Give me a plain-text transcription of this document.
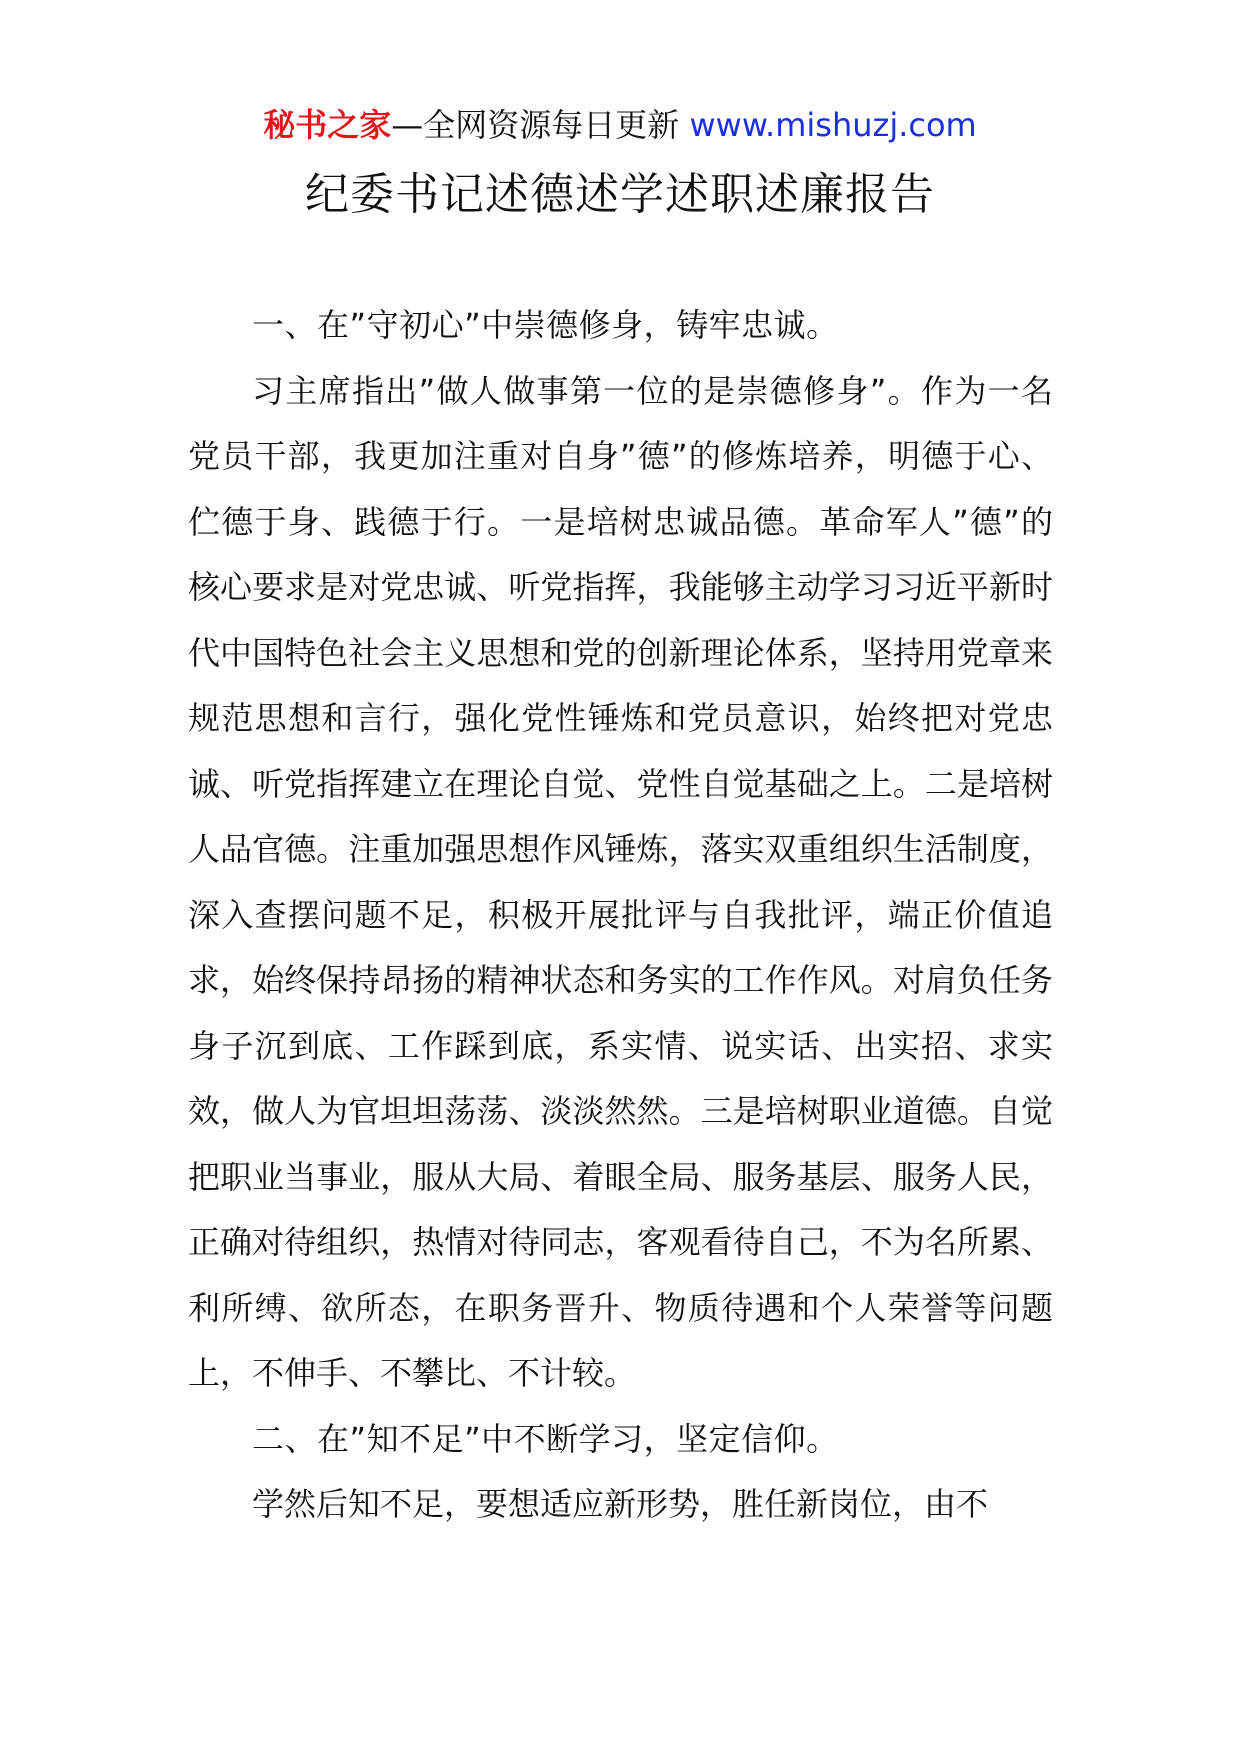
秘书之家—全网资源每日更新 www.mishuzj.com
纪委书记述德述学述职述廉报告

一、在”守初心”中崇德修身，铸牢忠诚。

习主席指出”做人做事第一位的是崇德修身”。作为一名党员干部，我更加注重对自身”德”的修炼培养，明德于心、伫德于身、践德于行。一是培树忠诚品德。革命军人”德”的核心要求是对党忠诚、听党指挥，我能够主动学习习近平新时代中国特色社会主义思想和党的创新理论体系，坚持用党章来规范思想和言行，强化党性锤炼和党员意识，始终把对党忠诚、听党指挥建立在理论自觉、党性自觉基础之上。二是培树人品官德。注重加强思想作风锤炼，落实双重组织生活制度，深入查摆问题不足，积极开展批评与自我批评，端正价值追求，始终保持昂扬的精神状态和务实的工作作风。对肩负任务身子沉到底、工作踩到底，系实情、说实话、出实招、求实效，做人为官坦坦荡荡、淡淡然然。三是培树职业道德。自觉把职业当事业，服从大局、着眼全局、服务基层、服务人民，正确对待组织，热情对待同志，客观看待自己，不为名所累、利所缚、欲所态，在职务晋升、物质待遇和个人荣誉等问题上，不伸手、不攀比、不计较。

二、在”知不足”中不断学习，坚定信仰。

学然后知不足，要想适应新形势，胜任新岗位，由不
